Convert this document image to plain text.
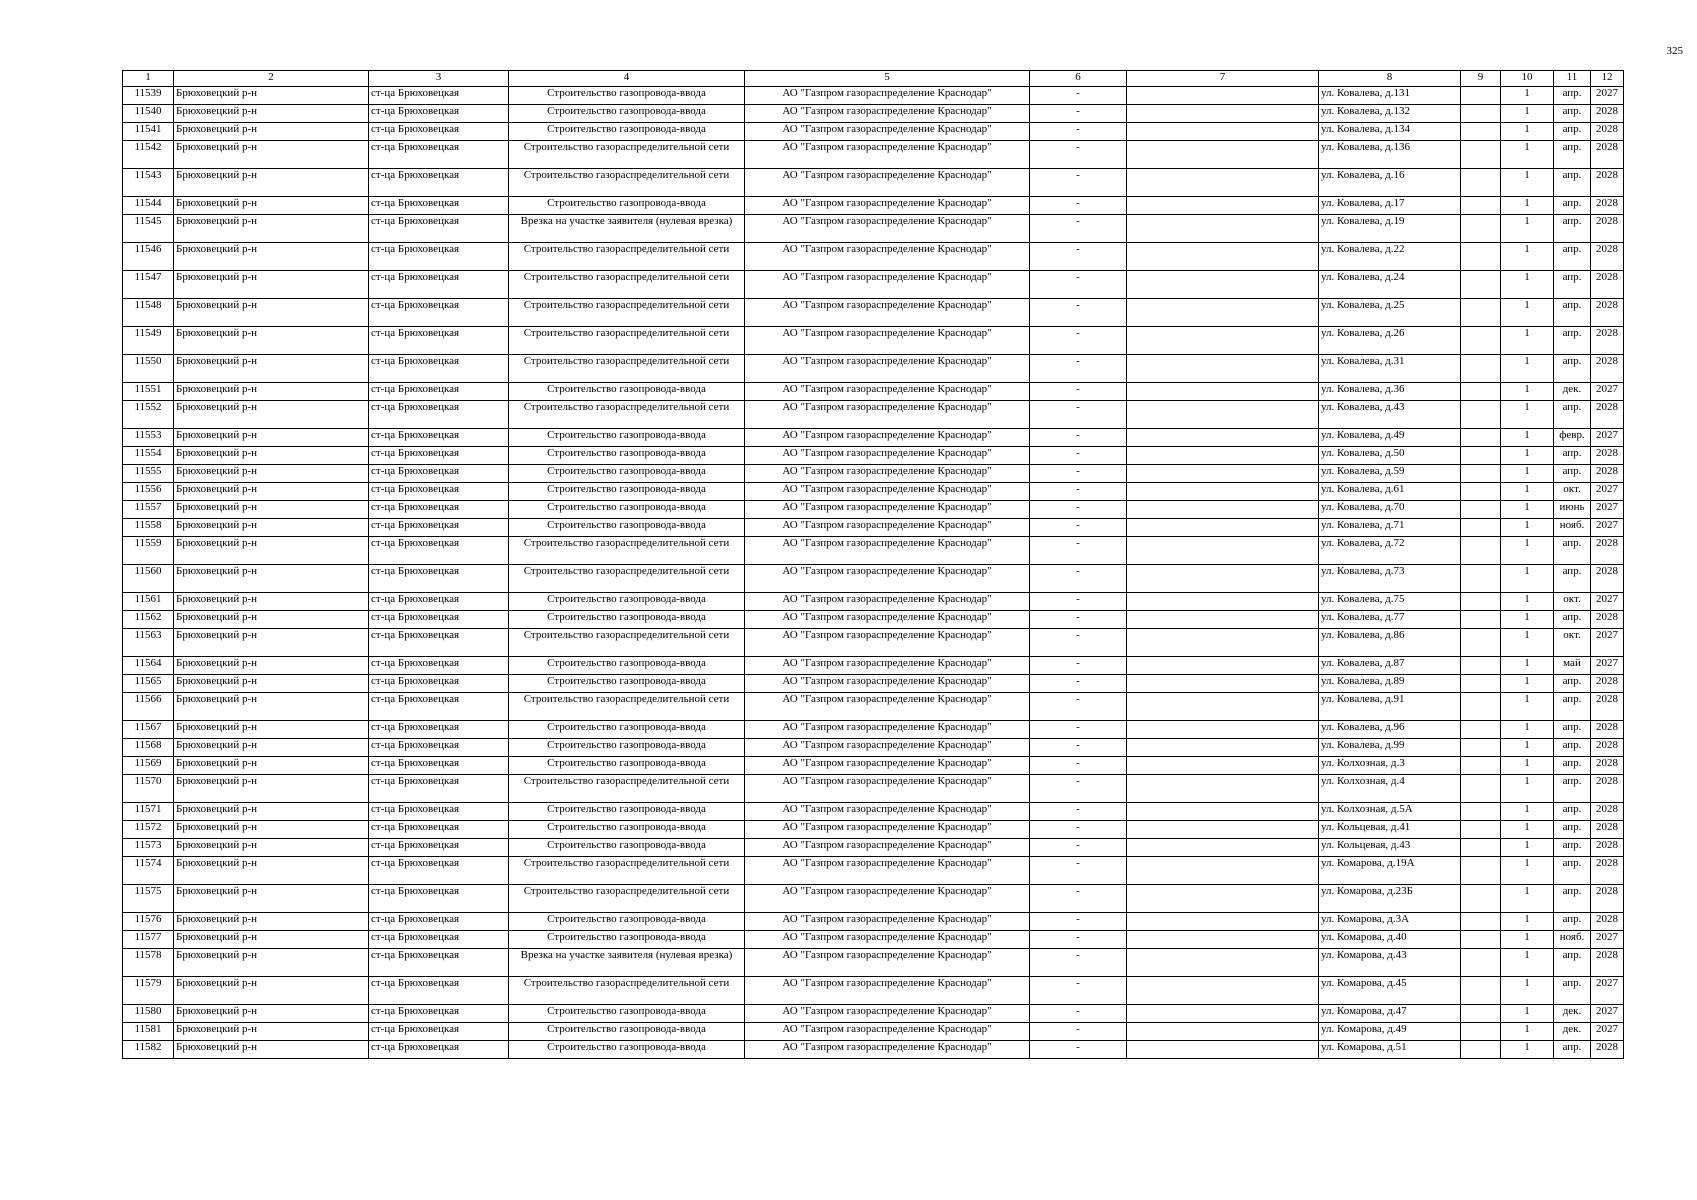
325
1	2	3	4	5	6	7	8	9	10	11	12
11539	Брюховецкий р-н	ст-ца Брюховецкая	Строительство газопровода-ввода	АО "Газпром газораспределение Краснодар"	-		ул. Ковалева, д.131		1	апр.	2027
11540	Брюховецкий р-н	ст-ца Брюховецкая	Строительство газопровода-ввода	АО "Газпром газораспределение Краснодар"	-		ул. Ковалева, д.132		1	апр.	2028
11541	Брюховецкий р-н	ст-ца Брюховецкая	Строительство газопровода-ввода	АО "Газпром газораспределение Краснодар"	-		ул. Ковалева, д.134		1	апр.	2028
11542	Брюховецкий р-н	ст-ца Брюховецкая	Строительство газораспределительной сети	АО "Газпром газораспределение Краснодар"	-		ул. Ковалева, д.136		1	апр.	2028
11543	Брюховецкий р-н	ст-ца Брюховецкая	Строительство газораспределительной сети	АО "Газпром газораспределение Краснодар"	-		ул. Ковалева, д.16		1	апр.	2028
11544	Брюховецкий р-н	ст-ца Брюховецкая	Строительство газопровода-ввода	АО "Газпром газораспределение Краснодар"	-		ул. Ковалева, д.17		1	апр.	2028
11545	Брюховецкий р-н	ст-ца Брюховецкая	Врезка на участке заявителя (нулевая врезка)	АО "Газпром газораспределение Краснодар"	-		ул. Ковалева, д.19		1	апр.	2028
11546	Брюховецкий р-н	ст-ца Брюховецкая	Строительство газораспределительной сети	АО "Газпром газораспределение Краснодар"	-		ул. Ковалева, д.22		1	апр.	2028
11547	Брюховецкий р-н	ст-ца Брюховецкая	Строительство газораспределительной сети	АО "Газпром газораспределение Краснодар"	-		ул. Ковалева, д.24		1	апр.	2028
11548	Брюховецкий р-н	ст-ца Брюховецкая	Строительство газораспределительной сети	АО "Газпром газораспределение Краснодар"	-		ул. Ковалева, д.25		1	апр.	2028
11549	Брюховецкий р-н	ст-ца Брюховецкая	Строительство газораспределительной сети	АО "Газпром газораспределение Краснодар"	-		ул. Ковалева, д.26		1	апр.	2028
11550	Брюховецкий р-н	ст-ца Брюховецкая	Строительство газораспределительной сети	АО "Газпром газораспределение Краснодар"	-		ул. Ковалева, д.31		1	апр.	2028
11551	Брюховецкий р-н	ст-ца Брюховецкая	Строительство газопровода-ввода	АО "Газпром газораспределение Краснодар"	-		ул. Ковалева, д.36		1	дек.	2027
11552	Брюховецкий р-н	ст-ца Брюховецкая	Строительство газораспределительной сети	АО "Газпром газораспределение Краснодар"	-		ул. Ковалева, д.43		1	апр.	2028
11553	Брюховецкий р-н	ст-ца Брюховецкая	Строительство газопровода-ввода	АО "Газпром газораспределение Краснодар"	-		ул. Ковалева, д.49		1	февр.	2027
11554	Брюховецкий р-н	ст-ца Брюховецкая	Строительство газопровода-ввода	АО "Газпром газораспределение Краснодар"	-		ул. Ковалева, д.50		1	апр.	2028
11555	Брюховецкий р-н	ст-ца Брюховецкая	Строительство газопровода-ввода	АО "Газпром газораспределение Краснодар"	-		ул. Ковалева, д.59		1	апр.	2028
11556	Брюховецкий р-н	ст-ца Брюховецкая	Строительство газопровода-ввода	АО "Газпром газораспределение Краснодар"	-		ул. Ковалева, д.61		1	окт.	2027
11557	Брюховецкий р-н	ст-ца Брюховецкая	Строительство газопровода-ввода	АО "Газпром газораспределение Краснодар"	-		ул. Ковалева, д.70		1	июнь	2027
11558	Брюховецкий р-н	ст-ца Брюховецкая	Строительство газопровода-ввода	АО "Газпром газораспределение Краснодар"	-		ул. Ковалева, д.71		1	нояб.	2027
11559	Брюховецкий р-н	ст-ца Брюховецкая	Строительство газораспределительной сети	АО "Газпром газораспределение Краснодар"	-		ул. Ковалева, д.72		1	апр.	2028
11560	Брюховецкий р-н	ст-ца Брюховецкая	Строительство газораспределительной сети	АО "Газпром газораспределение Краснодар"	-		ул. Ковалева, д.73		1	апр.	2028
11561	Брюховецкий р-н	ст-ца Брюховецкая	Строительство газопровода-ввода	АО "Газпром газораспределение Краснодар"	-		ул. Ковалева, д.75		1	окт.	2027
11562	Брюховецкий р-н	ст-ца Брюховецкая	Строительство газопровода-ввода	АО "Газпром газораспределение Краснодар"	-		ул. Ковалева, д.77		1	апр.	2028
11563	Брюховецкий р-н	ст-ца Брюховецкая	Строительство газораспределительной сети	АО "Газпром газораспределение Краснодар"	-		ул. Ковалева, д.86		1	окт.	2027
11564	Брюховецкий р-н	ст-ца Брюховецкая	Строительство газопровода-ввода	АО "Газпром газораспределение Краснодар"	-		ул. Ковалева, д.87		1	май	2027
11565	Брюховецкий р-н	ст-ца Брюховецкая	Строительство газопровода-ввода	АО "Газпром газораспределение Краснодар"	-		ул. Ковалева, д.89		1	апр.	2028
11566	Брюховецкий р-н	ст-ца Брюховецкая	Строительство газораспределительной сети	АО "Газпром газораспределение Краснодар"	-		ул. Ковалева, д.91		1	апр.	2028
11567	Брюховецкий р-н	ст-ца Брюховецкая	Строительство газопровода-ввода	АО "Газпром газораспределение Краснодар"	-		ул. Ковалева, д.96		1	апр.	2028
11568	Брюховецкий р-н	ст-ца Брюховецкая	Строительство газопровода-ввода	АО "Газпром газораспределение Краснодар"	-		ул. Ковалева, д.99		1	апр.	2028
11569	Брюховецкий р-н	ст-ца Брюховецкая	Строительство газопровода-ввода	АО "Газпром газораспределение Краснодар"	-		ул. Колхозная, д.3		1	апр.	2028
11570	Брюховецкий р-н	ст-ца Брюховецкая	Строительство газораспределительной сети	АО "Газпром газораспределение Краснодар"	-		ул. Колхозная, д.4		1	апр.	2028
11571	Брюховецкий р-н	ст-ца Брюховецкая	Строительство газопровода-ввода	АО "Газпром газораспределение Краснодар"	-		ул. Колхозная, д.5А		1	апр.	2028
11572	Брюховецкий р-н	ст-ца Брюховецкая	Строительство газопровода-ввода	АО "Газпром газораспределение Краснодар"	-		ул. Кольцевая, д.41		1	апр.	2028
11573	Брюховецкий р-н	ст-ца Брюховецкая	Строительство газопровода-ввода	АО "Газпром газораспределение Краснодар"	-		ул. Кольцевая, д.43		1	апр.	2028
11574	Брюховецкий р-н	ст-ца Брюховецкая	Строительство газораспределительной сети	АО "Газпром газораспределение Краснодар"	-		ул. Комарова, д.19А		1	апр.	2028
11575	Брюховецкий р-н	ст-ца Брюховецкая	Строительство газораспределительной сети	АО "Газпром газораспределение Краснодар"	-		ул. Комарова, д.23Б		1	апр.	2028
11576	Брюховецкий р-н	ст-ца Брюховецкая	Строительство газопровода-ввода	АО "Газпром газораспределение Краснодар"	-		ул. Комарова, д.3А		1	апр.	2028
11577	Брюховецкий р-н	ст-ца Брюховецкая	Строительство газопровода-ввода	АО "Газпром газораспределение Краснодар"	-		ул. Комарова, д.40		1	нояб.	2027
11578	Брюховецкий р-н	ст-ца Брюховецкая	Врезка на участке заявителя (нулевая врезка)	АО "Газпром газораспределение Краснодар"	-		ул. Комарова, д.43		1	апр.	2028
11579	Брюховецкий р-н	ст-ца Брюховецкая	Строительство газораспределительной сети	АО "Газпром газораспределение Краснодар"	-		ул. Комарова, д.45		1	апр.	2027
11580	Брюховецкий р-н	ст-ца Брюховецкая	Строительство газопровода-ввода	АО "Газпром газораспределение Краснодар"	-		ул. Комарова, д.47		1	дек.	2027
11581	Брюховецкий р-н	ст-ца Брюховецкая	Строительство газопровода-ввода	АО "Газпром газораспределение Краснодар"	-		ул. Комарова, д.49		1	дек.	2027
11582	Брюховецкий р-н	ст-ца Брюховецкая	Строительство газопровода-ввода	АО "Газпром газораспределение Краснодар"	-		ул. Комарова, д.51		1	апр.	2028
